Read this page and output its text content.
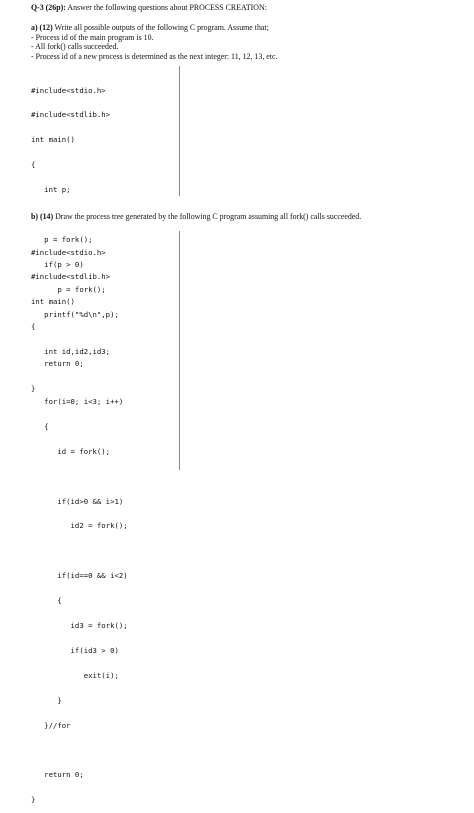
Q-3 (26p): Answer the following questions about PROCESS CREATION:
a) (12) Write all possible outputs of the following C program. Assume that;
- Process id of the main program is 10.
- All fork() calls succeeded.
- Process id of a new process is determined as the next integer: 11, 12, 13, etc.

#include<stdio.h>

#include<stdlib.h>

int main()

{

int p;

p = fork();

if(p > 0)

p = fork();

printf("%d\n",p);

return 0;

}

b) (14) Draw the process tree generated by the following C program assuming all fork() calls succeeded.

#include<stdio.h>

#include<stdlib.h>

int main()

{

int id,id2,id3;

for(i=0; i<3; i++)

{

id = fork();

if(id>0 && i>1)

id2 = fork();

if(id==0 && i<2)

{

id3 = fork();

if(id3 > 0)

exit(i);

}

}//for

return 0;

}
